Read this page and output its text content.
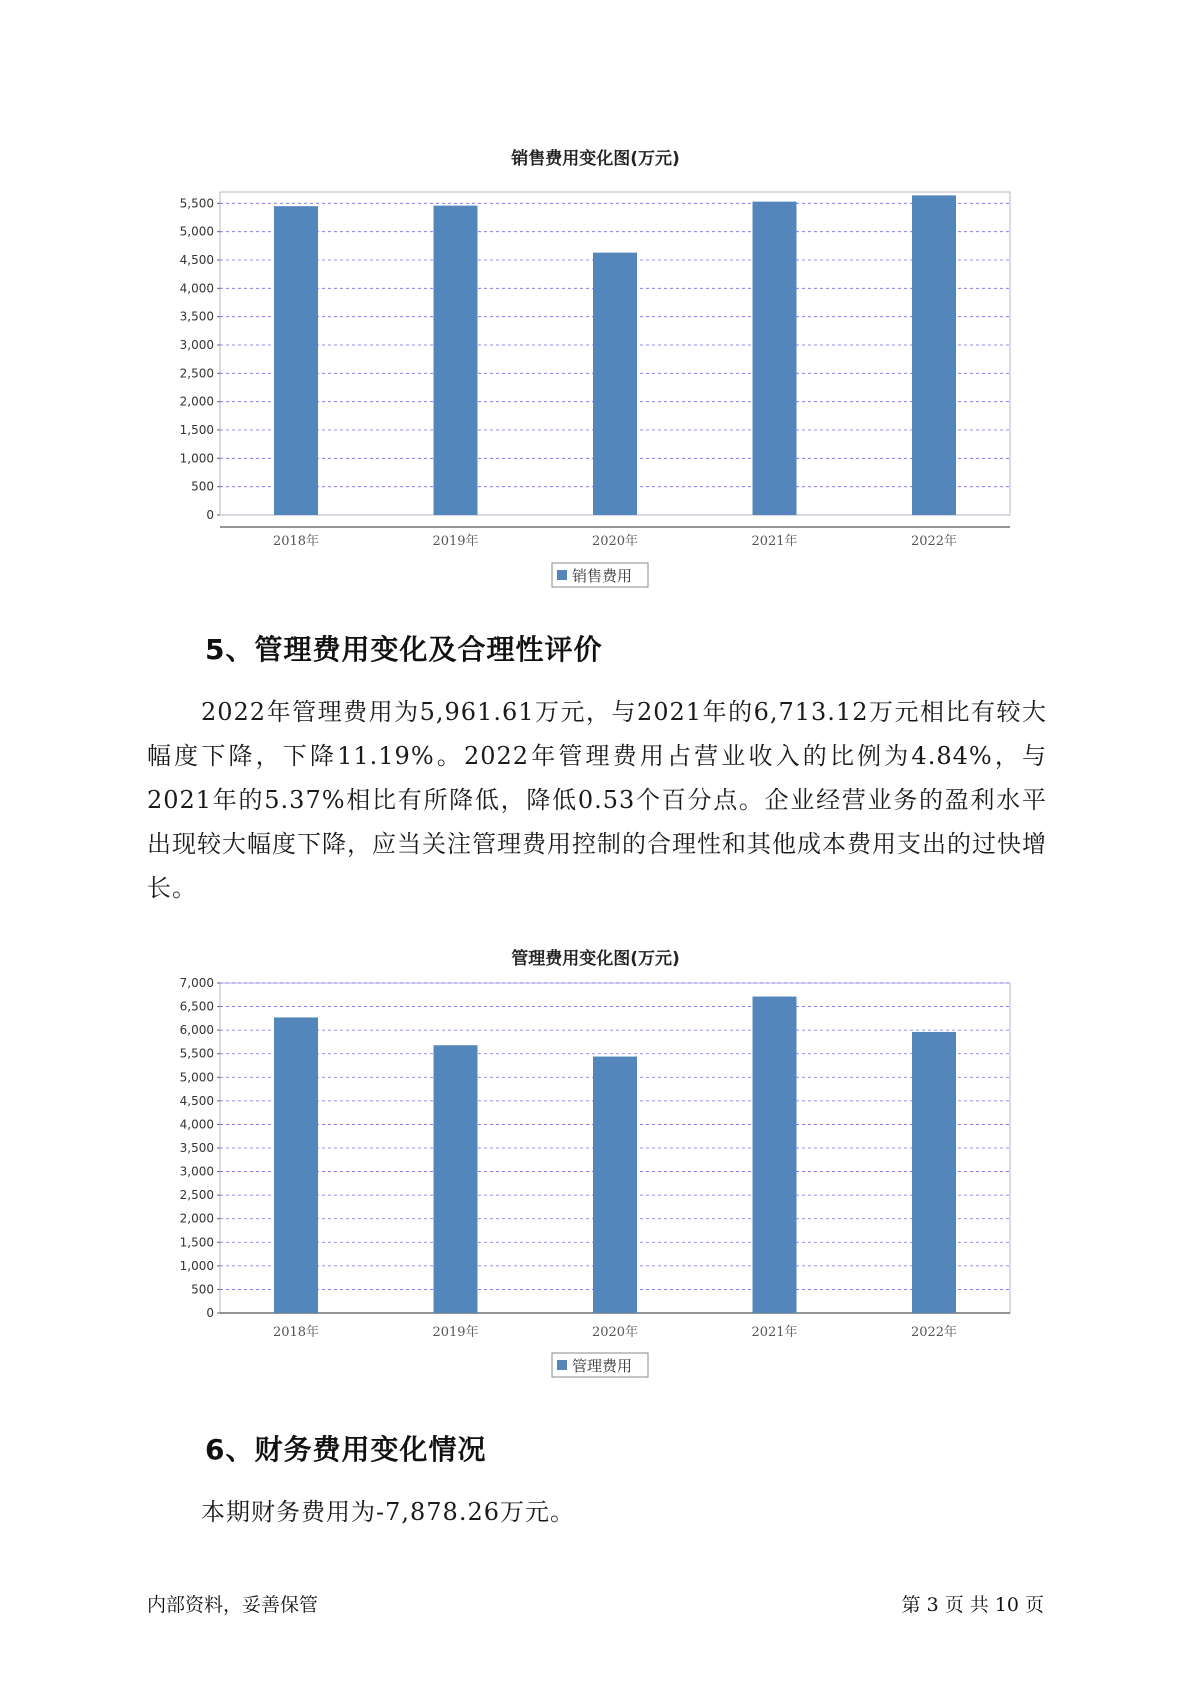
销售费用变化图(万元)
0
500
1,000
1,500
2,000
2,500
3,000
3,500
4,000
4,500
5,000
5,500
2018年	2019年	2020年	2021年	2022年
销售费用
5、管理费用变化及合理性评价
2022年管理费用为5,961.61万元，与2021年的6,713.12万元相比有较大幅度下降，下降11.19%。2022年管理费用占营业收入的比例为4.84%，与2021年的5.37%相比有所降低，降低0.53个百分点。企业经营业务的盈利水平出现较大幅度下降，应当关注管理费用控制的合理性和其他成本费用支出的过快增长。
管理费用变化图(万元)
0
500
1,000
1,500
2,000
2,500
3,000
3,500
4,000
4,500
5,000
5,500
6,000
6,500
7,000
2018年	2019年	2020年	2021年	2022年
管理费用
6、财务费用变化情况
本期财务费用为-7,878.26万元。
内部资料，妥善保管	第 3 页 共 10 页
